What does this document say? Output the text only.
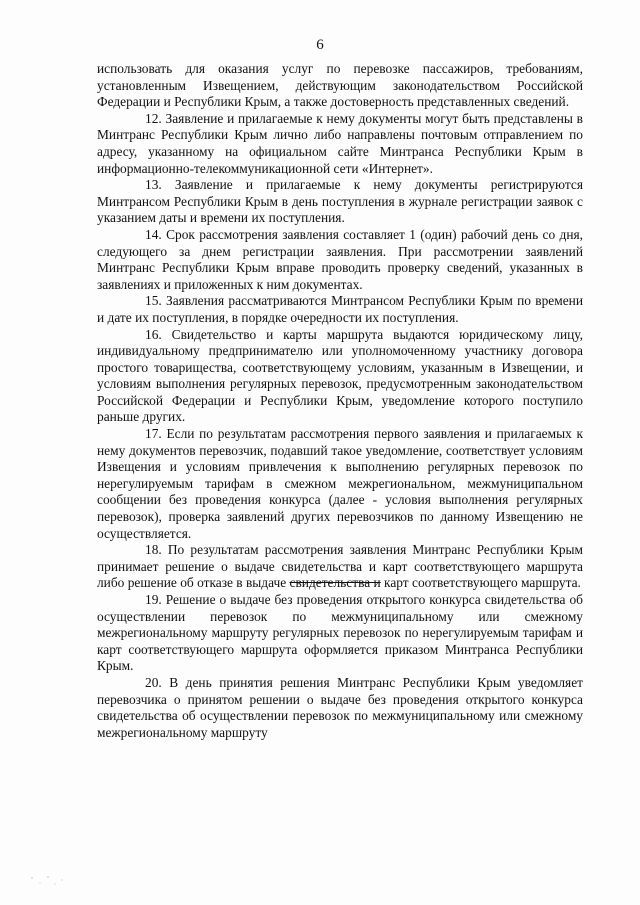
6

использовать для оказания услуг по перевозке пассажиров, требованиям, установленным Извещением, действующим законодательством Российской Федерации и Республики Крым, а также достоверность представленных сведений.

12. Заявление и прилагаемые к нему документы могут быть представлены в Минтранс Республики Крым лично либо направлены почтовым отправлением по адресу, указанному на официальном сайте Минтранса Республики Крым в информационно-телекоммуникационной сети «Интернет».

13. Заявление и прилагаемые к нему документы регистрируются Минтрансом Республики Крым в день поступления в журнале регистрации заявок с указанием даты и времени их поступления.

14. Срок рассмотрения заявления составляет 1 (один) рабочий день со дня, следующего за днем регистрации заявления. При рассмотрении заявлений Минтранс Республики Крым вправе проводить проверку сведений, указанных в заявлениях и приложенных к ним документах.

15. Заявления рассматриваются Минтрансом Республики Крым по времени и дате их поступления, в порядке очередности их поступления.

16. Свидетельство и карты маршрута выдаются юридическому лицу, индивидуальному предпринимателю или уполномоченному участнику договора простого товарищества, соответствующему условиям, указанным в Извещении, и условиям выполнения регулярных перевозок, предусмотренным законодательством Российской Федерации и Республики Крым, уведомление которого поступило раньше других.

17. Если по результатам рассмотрения первого заявления и прилагаемых к нему документов перевозчик, подавший такое уведомление, соответствует условиям Извещения и условиям привлечения к выполнению регулярных перевозок по нерегулируемым тарифам в смежном межрегиональном, межмуниципальном сообщении без проведения конкурса (далее - условия выполнения регулярных перевозок), проверка заявлений других перевозчиков по данному Извещению не осуществляется.

18. По результатам рассмотрения заявления Минтранс Республики Крым принимает решение о выдаче свидетельства и карт соответствующего маршрута либо решение об отказе в выдаче свидетельства и карт соответствующего маршрута.

19. Решение о выдаче без проведения открытого конкурса свидетельства об осуществлении перевозок по межмуниципальному или смежному межрегиональному маршруту регулярных перевозок по нерегулируемым тарифам и карт соответствующего маршрута оформляется приказом Минтранса Республики Крым.

20. В день принятия решения Минтранс Республики Крым уведомляет перевозчика о принятом решении о выдаче без проведения открытого конкурса свидетельства об осуществлении перевозок по межмуниципальному или смежному межрегиональному маршруту
